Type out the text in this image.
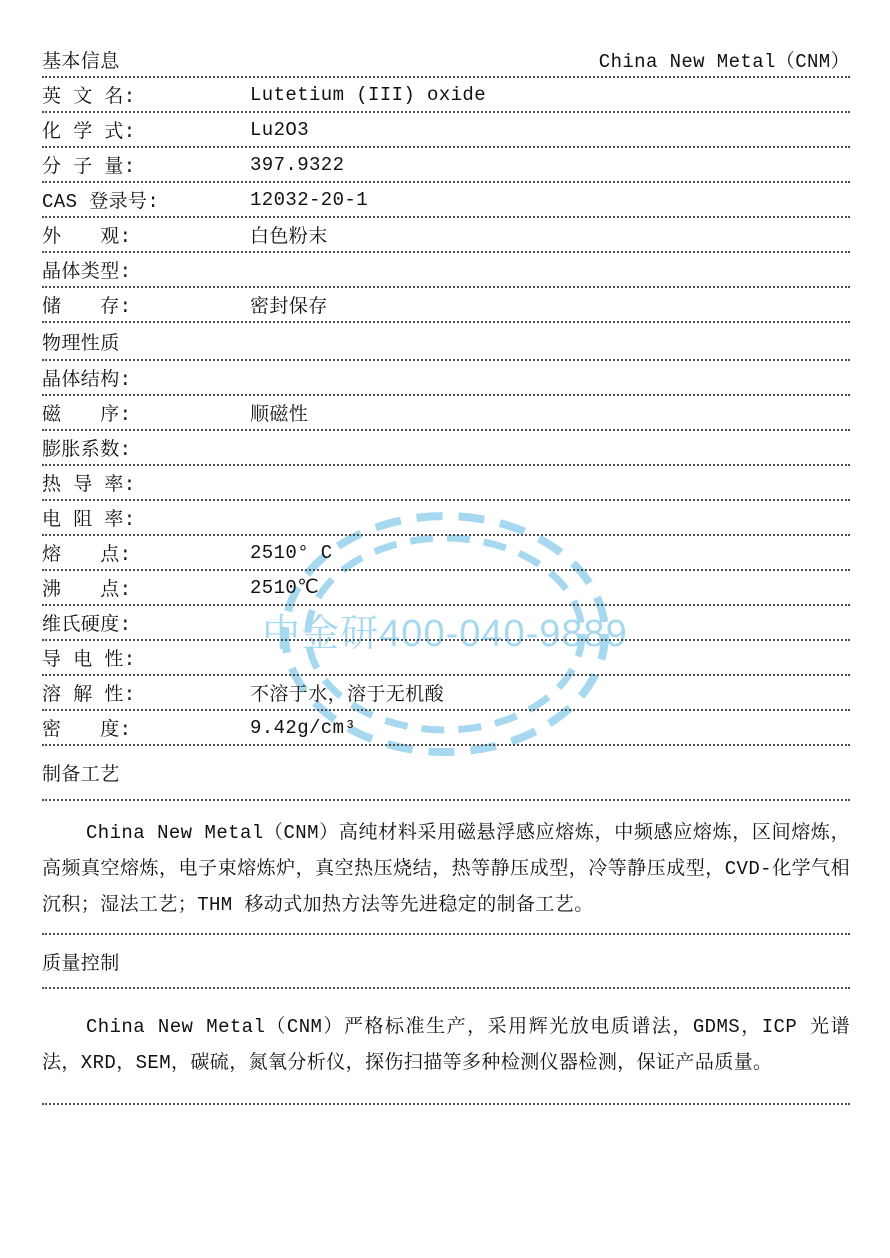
中金研400-040-9889
基本信息	China New Metal（CNM）
英 文 名:	Lutetium (III) oxide
化 学 式:	Lu2O3
分 子 量:	397.9322
CAS 登录号:	12032-20-1
外　　观:	白色粉末
晶体类型:
储　　存:	密封保存
物理性质
晶体结构:
磁　　序:	顺磁性
膨胀系数:
热 导 率:
电 阻 率:
熔　　点:	2510° C
沸　　点:	2510℃
维氏硬度:
导 电 性:
溶 解 性:	不溶于水，溶于无机酸
密　　度:	9.42g/cm³
制备工艺
China New Metal（CNM）高纯材料采用磁悬浮感应熔炼，中频感应熔炼，区间熔炼，高频真空熔炼，电子束熔炼炉，真空热压烧结，热等静压成型，冷等静压成型，CVD-化学气相沉积；湿法工艺；THM 移动式加热方法等先进稳定的制备工艺。
质量控制
China New Metal（CNM）严格标准生产，采用辉光放电质谱法，GDMS，ICP 光谱法，XRD，SEM，碳硫，氮氧分析仪，探伤扫描等多种检测仪器检测，保证产品质量。
